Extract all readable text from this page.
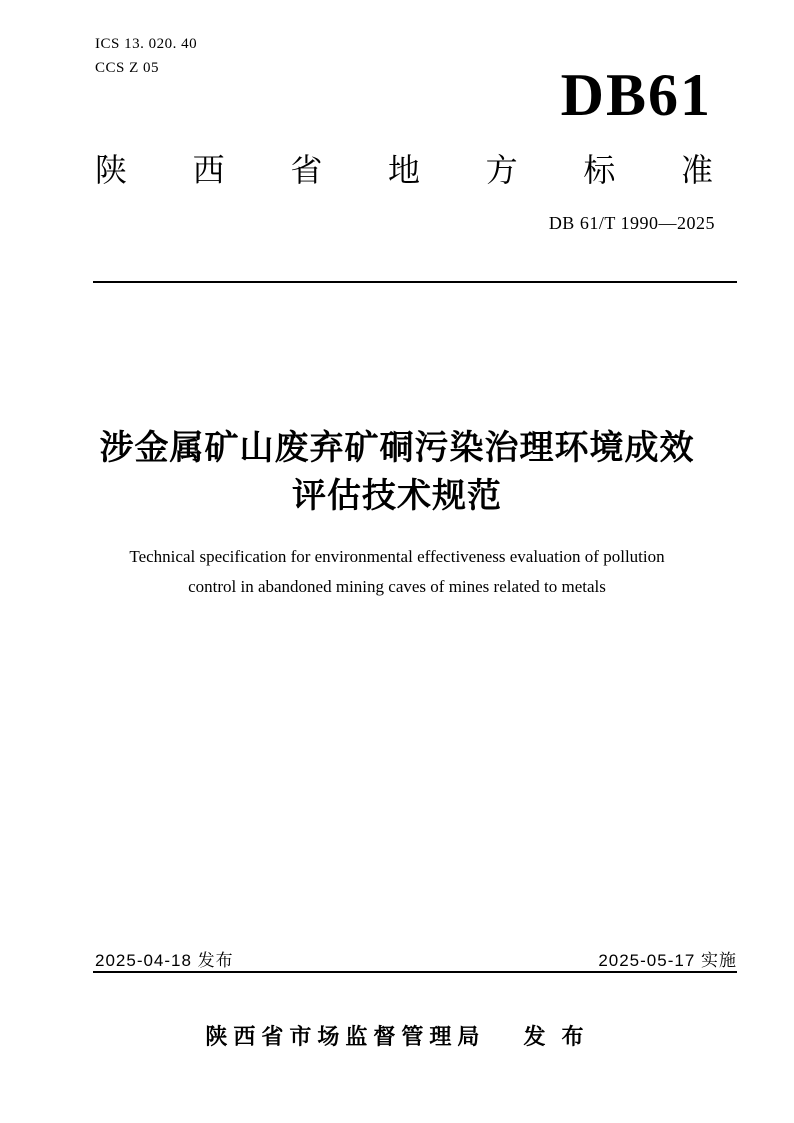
ICS 13. 020. 40
CCS Z 05	DB61
陕西省地方标准
DB 61/T 1990—2025
涉金属矿山废弃矿硐污染治理环境成效
评估技术规范
Technical specification for environmental effectiveness evaluation of pollution
control in abandoned mining caves of mines related to metals
2025-04-18 发布	2025-05-17 实施
陕西省市场监督管理局 发 布
